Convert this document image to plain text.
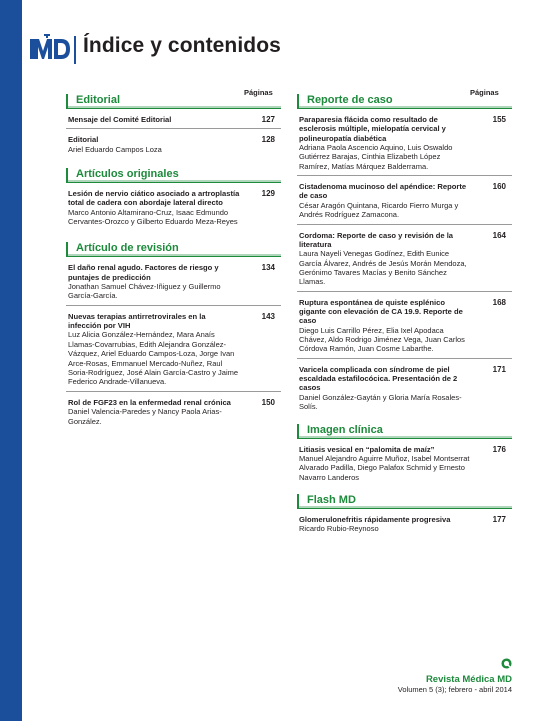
Índice y contenidos
Páginas
Editorial
Mensaje del Comité Editorial	127
Editorial
Ariel Eduardo Campos Loza
128
Artículos originales
Lesión de nervio ciático asociado a artroplastía total de cadera con abordaje lateral directo
Marco Antonio Altamirano-Cruz, Isaac Edmundo Cervantes-Orozco y Gilberto Eduardo Meza-Reyes
129
Artículo de revisión
El daño renal agudo. Factores de riesgo y puntajes de predicción
Jonathan Samuel Chávez-Iñiguez y Guillermo García-García.
134
Nuevas terapias antirretrovirales en la infección por VIH
Luz Alicia González-Hernández, Mara Anaís Llamas-Covarrubias, Edith Alejandra González-Vázquez, Ariel Eduardo Campos-Loza, Jorge Ivan Arce-Rosas, Emmanuel Mercado-Nuñez, Raul Soria-Rodríguez, José Alain García-Castro y Jaime Federico Andrade-Villanueva.
143
Rol de FGF23 en la enfermedad renal crónica
Daniel Valencia-Paredes y Nancy Paola Arias-González.
150
Páginas
Reporte de caso
Paraparesia flácida como resultado de esclerosis múltiple, mielopatía cervical y polineuropatía diabética
Adriana Paola Ascencio Aquino, Luis Oswaldo Gutiérrez Barajas, Cinthia Elizabeth López Ramírez, Matías Márquez Balderrama.
155
Cistadenoma mucinoso del apéndice: Reporte de caso
César Aragón Quintana, Ricardo Fierro Murga y Andrés Rodríguez Zamacona.
160
Cordoma: Reporte de caso y revisión de la literatura
Laura Nayeli Venegas Godínez, Edith Eunice García Álvarez, Andrés de Jesús Morán Mendoza, Gerónimo Tavares Macías y Benito Sánchez Llamas.
164
Ruptura espontánea de quiste esplénico gigante con elevación de CA 19.9. Reporte de caso
Diego Luis Carrillo Pérez, Elia Ixel Apodaca Chávez, Aldo Rodrigo Jiménez Vega, Juan Carlos Córdova Ramón, Juan Cosme Labarthe.
168
Varicela complicada con síndrome de piel escaldada estafilocócica. Presentación de 2 casos
Daniel González-Gaytán y Gloria María Rosales-Solís.
171
Imagen clínica
Litiasis vesical en “palomita de maíz”
Manuel Alejandro Aguirre Muñoz, Isabel Montserrat Alvarado Padilla, Diego Palafox Schmid y Ernesto Navarro Landeros
176
Flash MD
Glomerulonefritis rápidamente progresiva
Ricardo Rubio-Reynoso
177
Revista Médica MD
Volumen 5 (3); febrero - abril 2014
